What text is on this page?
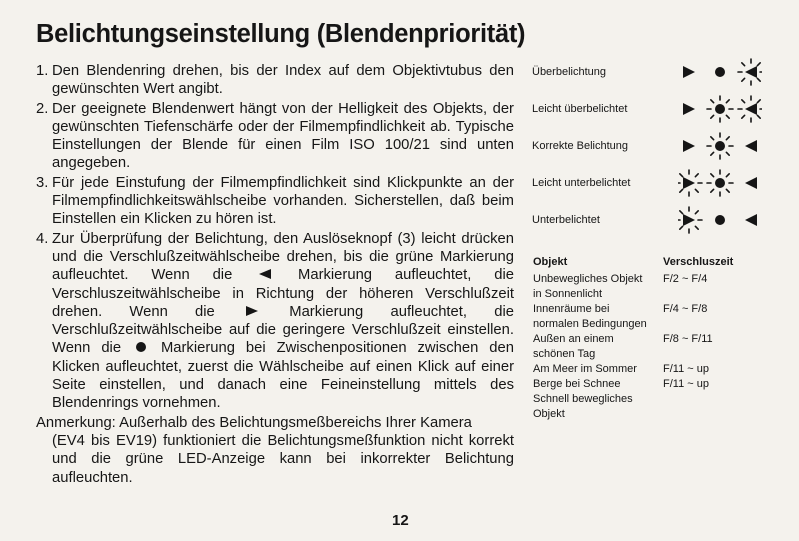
Belichtungseinstellung (Blendenpriorität)
1. Den Blendenring drehen, bis der Index auf dem Objektivtubus den gewünschten Wert angibt.
2. Der geeignete Blendenwert hängt von der Helligkeit des Objekts, der gewünschten Tiefenschärfe oder der Filmempfindlichkeit ab. Typische Einstellungen der Blende für einen Film ISO 100/21 sind unten angegeben.
3. Für jede Einstufung der Filmempfindlichkeit sind Klickpunkte an der Filmempfindlichkeitswählscheibe vorhanden. Sicherstellen, daß beim Einstellen ein Klicken zu hören ist.
4. Zur Überprüfung der Belichtung, den Auslöseknopf (3) leicht drücken und die Verschlußzeitwählscheibe drehen, bis die grüne Markierung aufleuchtet. Wenn die	Markierung aufleuchtet, die Verschluszeitwählscheibe in Richtung der höheren Verschlußzeit drehen. Wenn die	Markierung aufleuchtet, die Verschlußzeitwählscheibe auf die geringere Verschlußzeit einstellen. Wenn die	Markierung bei Zwischenpositionen zwischen den Klicken aufleuchtet, zuerst die Wählscheibe auf einen Klick auf einer Seite einstellen, und danach eine Feineinstellung mittels des Blendenrings vornehmen.
Anmerkung: Außerhalb des Belichtungsmeßbereichs Ihrer Kamera
(EV4 bis EV19) funktioniert die Belichtungsmeßfunktion nicht korrekt und die grüne LED-Anzeige kann bei inkorrekter Belichtung aufleuchten.
Überbelichtung
Leicht überbelichtet
Korrekte Belichtung
Leicht unterbelichtet
Unterbelichtet
Objekt	Verschluszeit
Unbewegliches Objekt	F/2 ~ F/4
in Sonnenlicht
Innenräume bei	F/4 ~ F/8
normalen Bedingungen
Außen an einem	F/8 ~ F/11
schönen Tag
Am Meer im Sommer	F/11 ~ up
Berge bei Schnee	F/11 ~ up
Schnell bewegliches
Objekt
12
